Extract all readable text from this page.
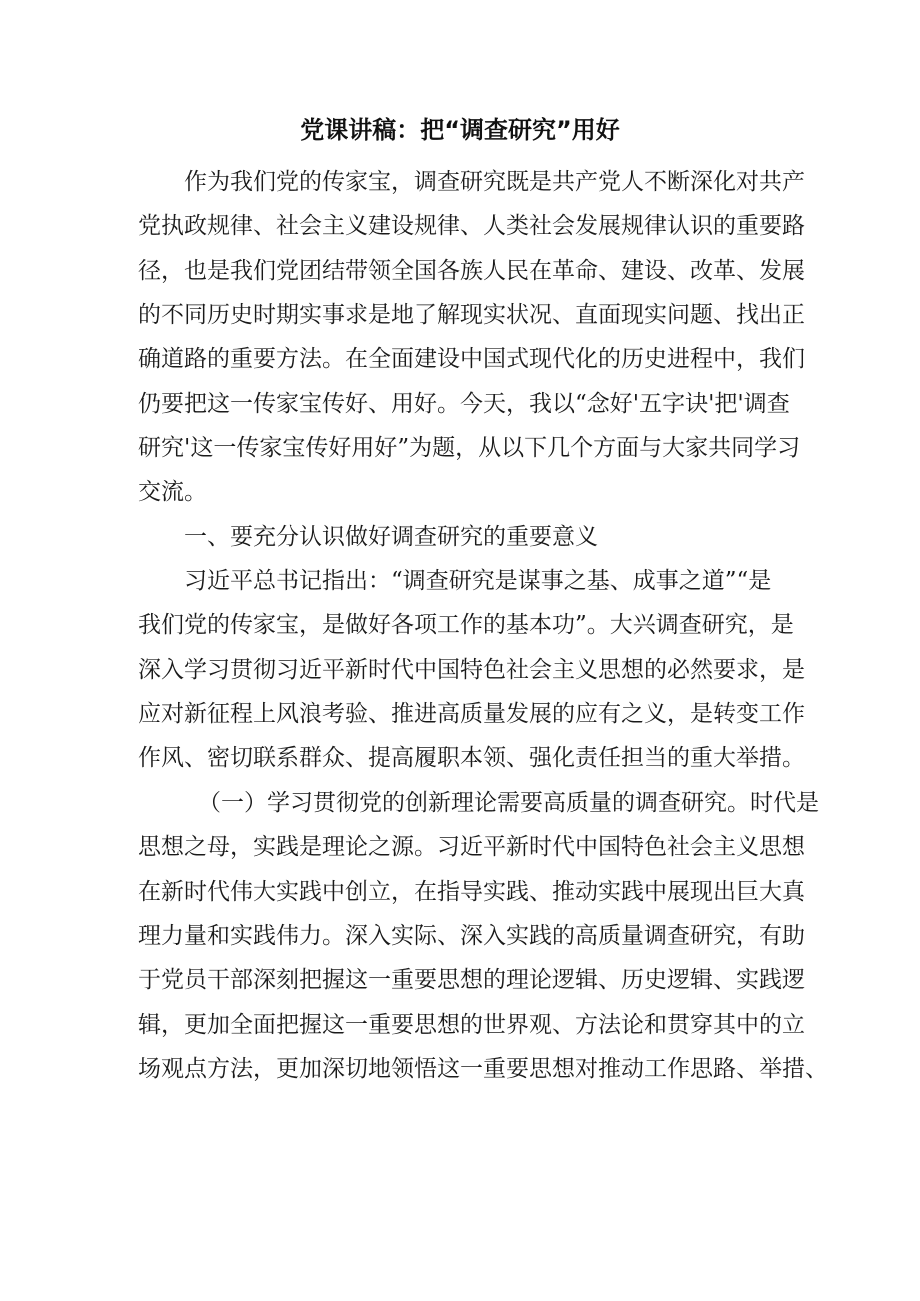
党课讲稿：把“调查研究”用好
作为我们党的传家宝，调查研究既是共产党人不断深化对共产
党执政规律、社会主义建设规律、人类社会发展规律认识的重要路
径，也是我们党团结带领全国各族人民在革命、建设、改革、发展
的不同历史时期实事求是地了解现实状况、直面现实问题、找出正
确道路的重要方法。在全面建设中国式现代化的历史进程中，我们
仍要把这一传家宝传好、用好。今天，我以“念好'五字诀'把'调查
研究'这一传家宝传好用好”为题，从以下几个方面与大家共同学习
交流。
一、要充分认识做好调查研究的重要意义
习近平总书记指出：“调查研究是谋事之基、成事之道”“是
我们党的传家宝，是做好各项工作的基本功”。大兴调查研究，是
深入学习贯彻习近平新时代中国特色社会主义思想的必然要求，是
应对新征程上风浪考验、推进高质量发展的应有之义，是转变工作
作风、密切联系群众、提高履职本领、强化责任担当的重大举措。
（一）学习贯彻党的创新理论需要高质量的调查研究。时代是
思想之母，实践是理论之源。习近平新时代中国特色社会主义思想
在新时代伟大实践中创立，在指导实践、推动实践中展现出巨大真
理力量和实践伟力。深入实际、深入实践的高质量调查研究，有助
于党员干部深刻把握这一重要思想的理论逻辑、历史逻辑、实践逻
辑，更加全面把握这一重要思想的世界观、方法论和贯穿其中的立
场观点方法，更加深切地领悟这一重要思想对推动工作思路、举措、
